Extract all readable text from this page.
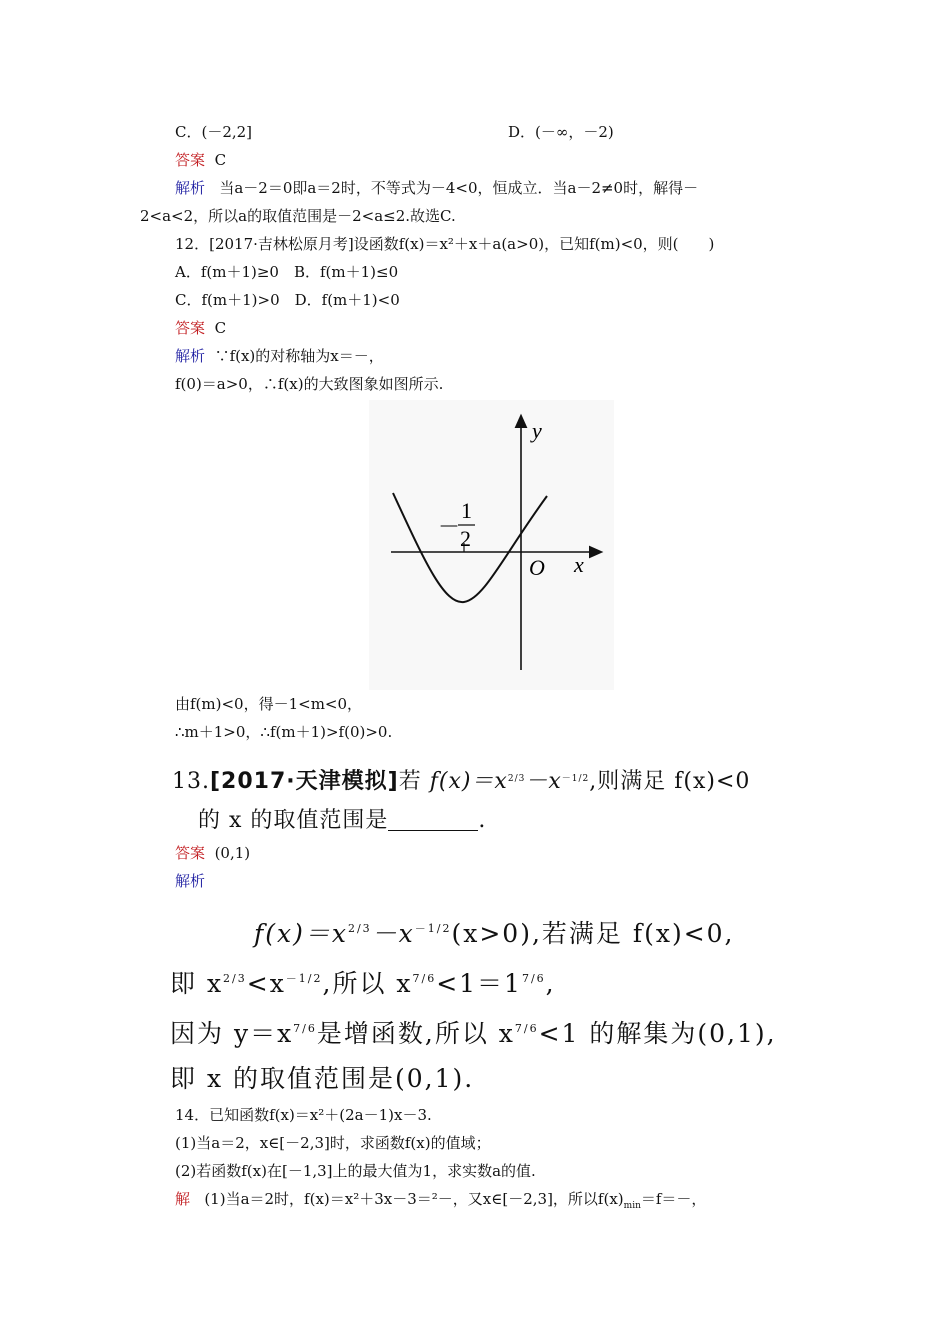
C．(－2,2]	D．(－∞，－2)
答案 C
解析 当a－2＝0即a＝2时，不等式为－4<0，恒成立．当a－2≠0时，解得－
2<a<2，所以a的取值范围是－2<a≤2.故选C.
12．[2017·吉林松原月考]设函数f(x)＝x²＋x＋a(a>0)，已知f(m)<0，则(　　)
A．f(m＋1)≥0　B．f(m＋1)≤0
C．f(m＋1)>0　D．f(m＋1)<0
答案 C
解析 ∵f(x)的对称轴为x＝－，
f(0)＝a>0，∴f(x)的大致图象如图所示.
y
x
O
－
1
2
由f(m)<0，得－1<m<0，
∴m＋1>0，∴f(m＋1)>f(0)>0.
13.[2017·天津模拟]若 $f(x)=x^{2/3}-x^{-1/2}$,则满足 f(x)<0
的 x 的取值范围是	.
答案 (0,1)
解析
$f(x)=x^{2/3}-x^{-1/2}(x>0)$,若满足 f(x)<0,
即 $x^{2/3}<x^{-1/2}$,所以 $x^{7/6}<1=1^{7/6}$,
因为 $y=x^{7/6}$是增函数,所以 $x^{7/6}<1$ 的解集为(0,1),
即 x 的取值范围是(0,1).
14．已知函数f(x)＝x²＋(2a－1)x－3.
(1)当a＝2，x∈[－2,3]时，求函数f(x)的值域；
(2)若函数f(x)在[－1,3]上的最大值为1，求实数a的值.
解 (1)当a＝2时，f(x)＝x²＋3x－3＝²－，又x∈[－2,3]，所以$f(x)_{min}=f=-$，
